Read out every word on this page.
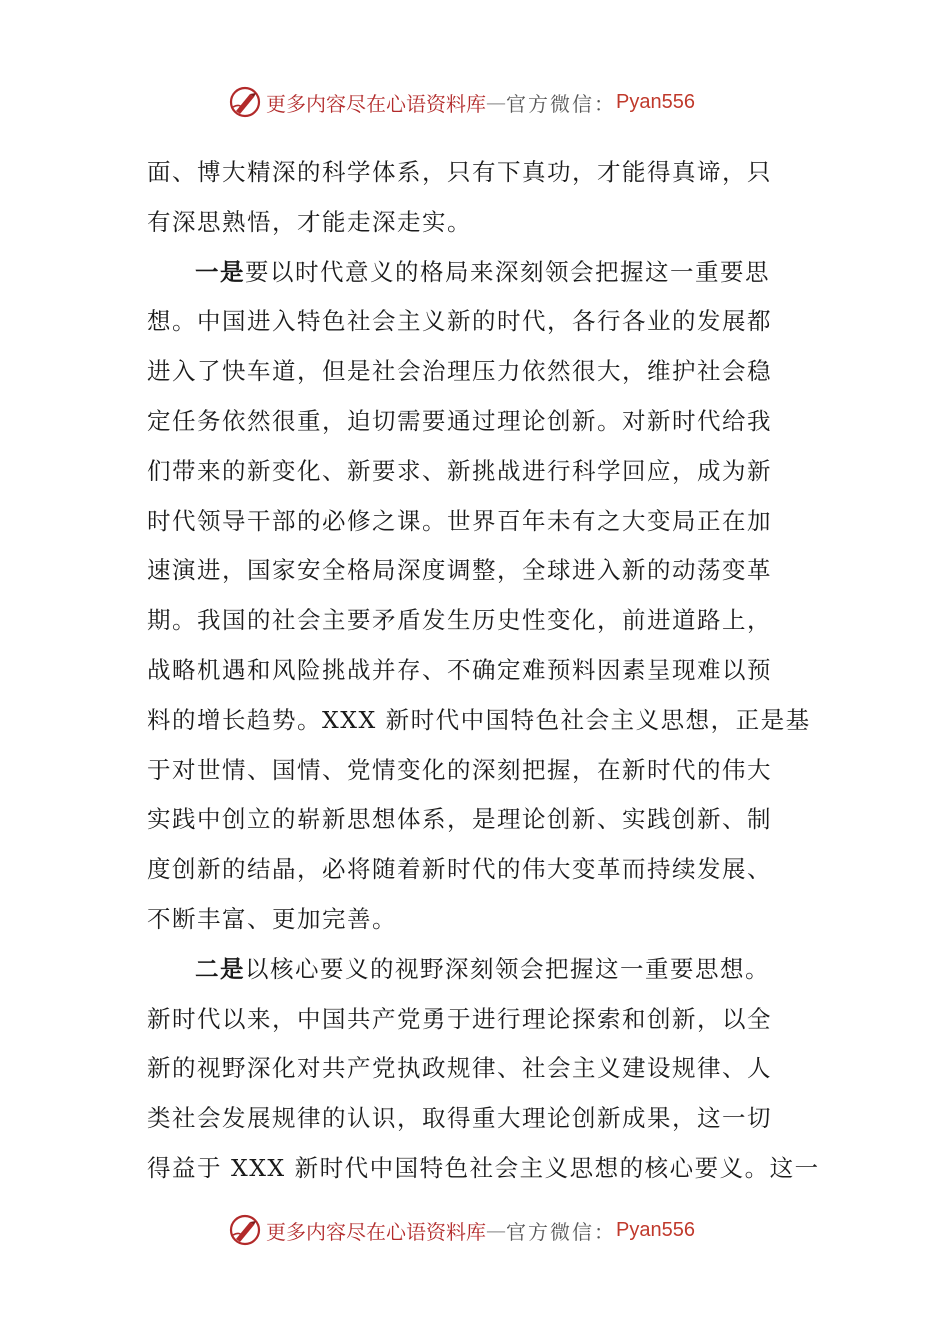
更多内容尽在心语资料库 — 官方微信： Pyan556
面、博大精深的科学体系，只有下真功，才能得真谛，只
有深思熟悟，才能走深走实。
一是要以时代意义的格局来深刻领会把握这一重要思
想。中国进入特色社会主义新的时代，各行各业的发展都
进入了快车道，但是社会治理压力依然很大，维护社会稳
定任务依然很重，迫切需要通过理论创新。对新时代给我
们带来的新变化、新要求、新挑战进行科学回应，成为新
时代领导干部的必修之课。世界百年未有之大变局正在加
速演进，国家安全格局深度调整，全球进入新的动荡变革
期。我国的社会主要矛盾发生历史性变化，前进道路上，
战略机遇和风险挑战并存、不确定难预料因素呈现难以预
料的增长趋势。XXX 新时代中国特色社会主义思想，正是基
于对世情、国情、党情变化的深刻把握，在新时代的伟大
实践中创立的崭新思想体系，是理论创新、实践创新、制
度创新的结晶，必将随着新时代的伟大变革而持续发展、
不断丰富、更加完善。
二是以核心要义的视野深刻领会把握这一重要思想。
新时代以来，中国共产党勇于进行理论探索和创新，以全
新的视野深化对共产党执政规律、社会主义建设规律、人
类社会发展规律的认识，取得重大理论创新成果，这一切
得益于 XXX 新时代中国特色社会主义思想的核心要义。这一
更多内容尽在心语资料库 — 官方微信： Pyan556
